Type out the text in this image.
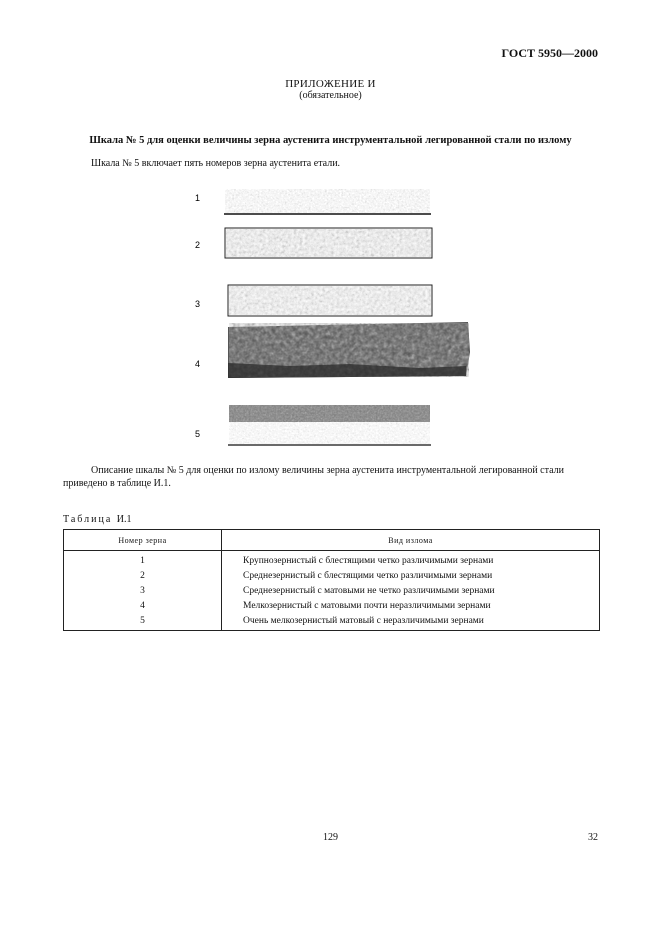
ГОСТ 5950—2000
ПРИЛОЖЕНИЕ И
(обязательное)
Шкала № 5 для оценки величины зерна аустенита инструментальной легированной стали по излому
Шкала № 5 включает пять номеров зерна аустенита етали.
1
2
3
4
5
Описание шкалы № 5 для оценки по излому величины зерна аустенита инструментальной легированной стали приведено в таблице И.1.
Таблица И.1
Номер зерна	Вид излома
1	Крупнозернистый с блестящими четко различимыми зернами
2	Среднезернистый с блестящими четко различимыми зернами
3	Среднезернистый с матовыми не четко различимыми зернами
4	Мелкозернистый с матовыми почти неразличимыми зернами
5	Очень мелкозернистый матовый с неразличимыми зернами
129	32
